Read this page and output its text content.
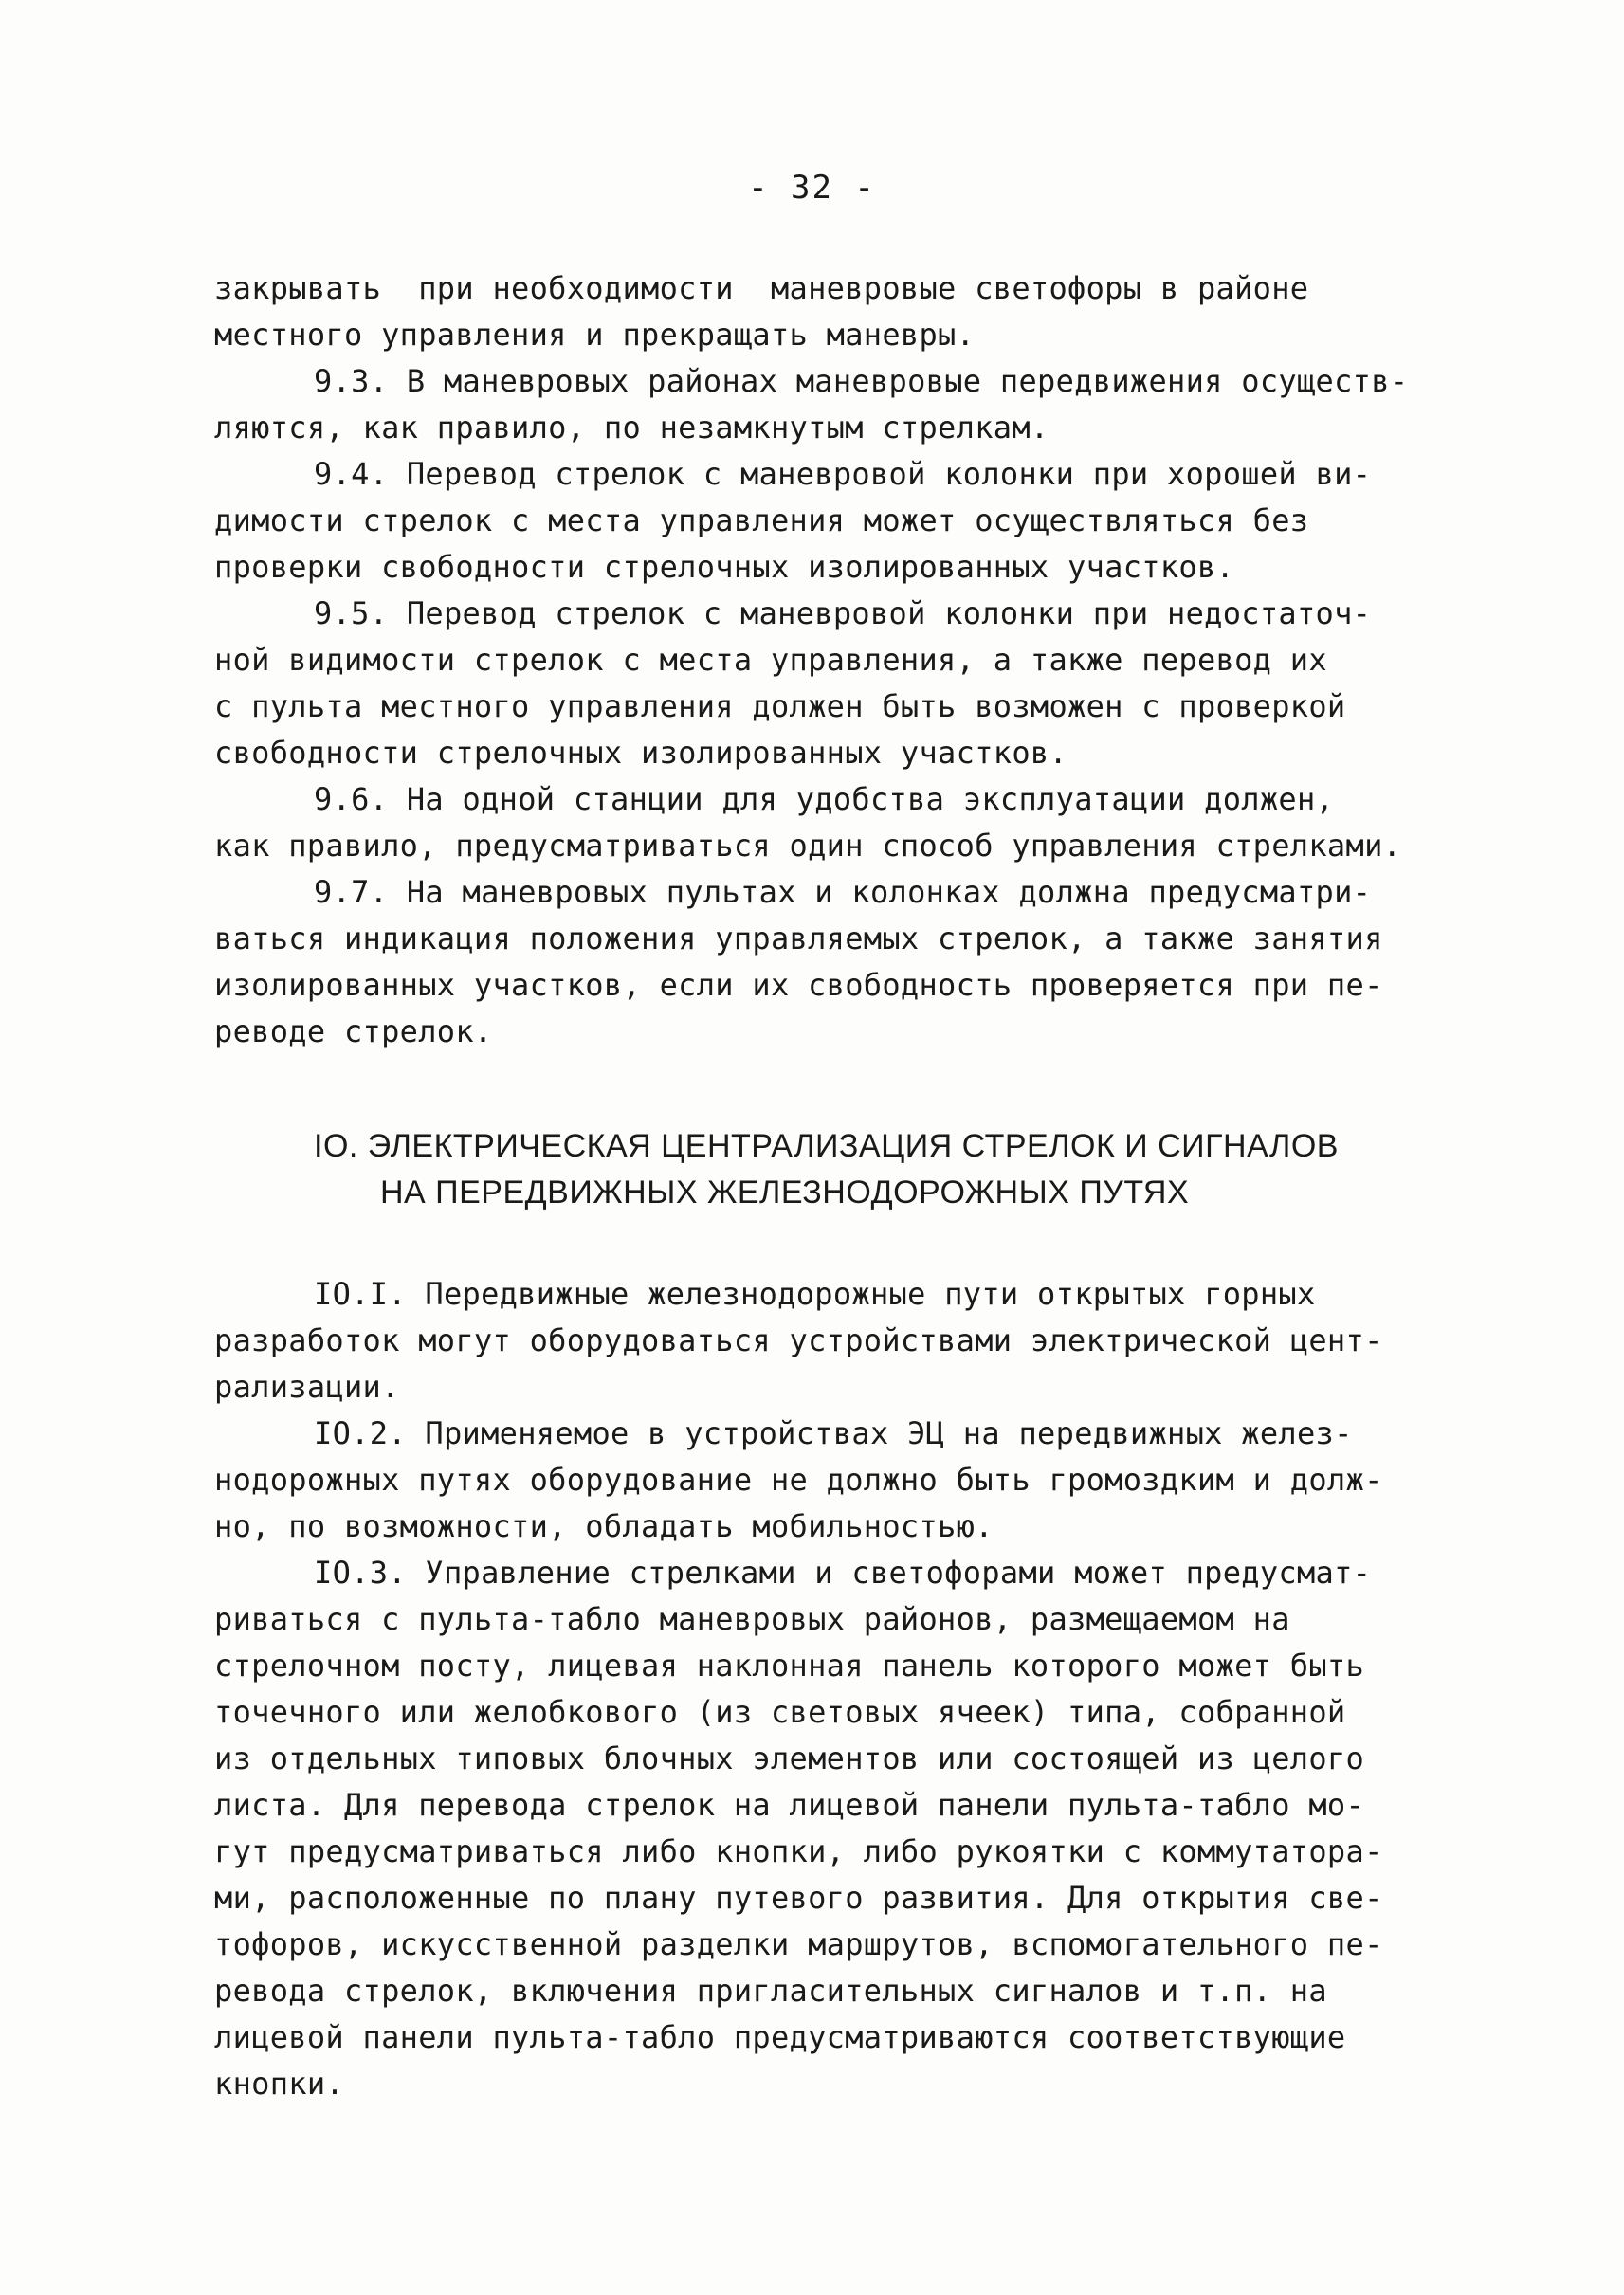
- 32 -
закрывать  при необходимости  маневровые светофоры в районе
местного управления и прекращать маневры.
9.3. В маневровых районах маневровые передвижения осуществ-
ляются, как правило, по незамкнутым стрелкам.
9.4. Перевод стрелок с маневровой колонки при хорошей ви-
димости стрелок с места управления может осуществляться без
проверки свободности стрелочных изолированных участков.
9.5. Перевод стрелок с маневровой колонки при недостаточ-
ной видимости стрелок с места управления, а также перевод их
с пульта местного управления должен быть возможен с проверкой
свободности стрелочных изолированных участков.
9.6. На одной станции для удобства эксплуатации должен,
как правило, предусматриваться один способ управления стрелками.
9.7. На маневровых пультах и колонках должна предусматри-
ваться индикация положения управляемых стрелок, а также занятия
изолированных участков, если их свободность проверяется при пе-
реводе стрелок.
IO. ЭЛЕКТРИЧЕСКАЯ ЦЕНТРАЛИЗАЦИЯ СТРЕЛОК И СИГНАЛОВ
НА ПЕРЕДВИЖНЫХ ЖЕЛЕЗНОДОРОЖНЫХ ПУТЯХ
IO.I. Передвижные железнодорожные пути открытых горных
разработок могут оборудоваться устройствами электрической цент-
рализации.
IO.2. Применяемое в устройствах ЭЦ на передвижных желез-
нодорожных путях оборудование не должно быть громоздким и долж-
но, по возможности, обладать мобильностью.
IO.3. Управление стрелками и светофорами может предусмат-
риваться с пульта-табло маневровых районов, размещаемом на
стрелочном посту, лицевая наклонная панель которого может быть
точечного или желобкового (из световых ячеек) типа, собранной
из отдельных типовых блочных элементов или состоящей из целого
листа. Для перевода стрелок на лицевой панели пульта-табло мо-
гут предусматриваться либо кнопки, либо рукоятки с коммутатора-
ми, расположенные по плану путевого развития. Для открытия све-
тофоров, искусственной разделки маршрутов, вспомогательного пе-
ревода стрелок, включения пригласительных сигналов и т.п. на
лицевой панели пульта-табло предусматриваются соответствующие
кнопки.
